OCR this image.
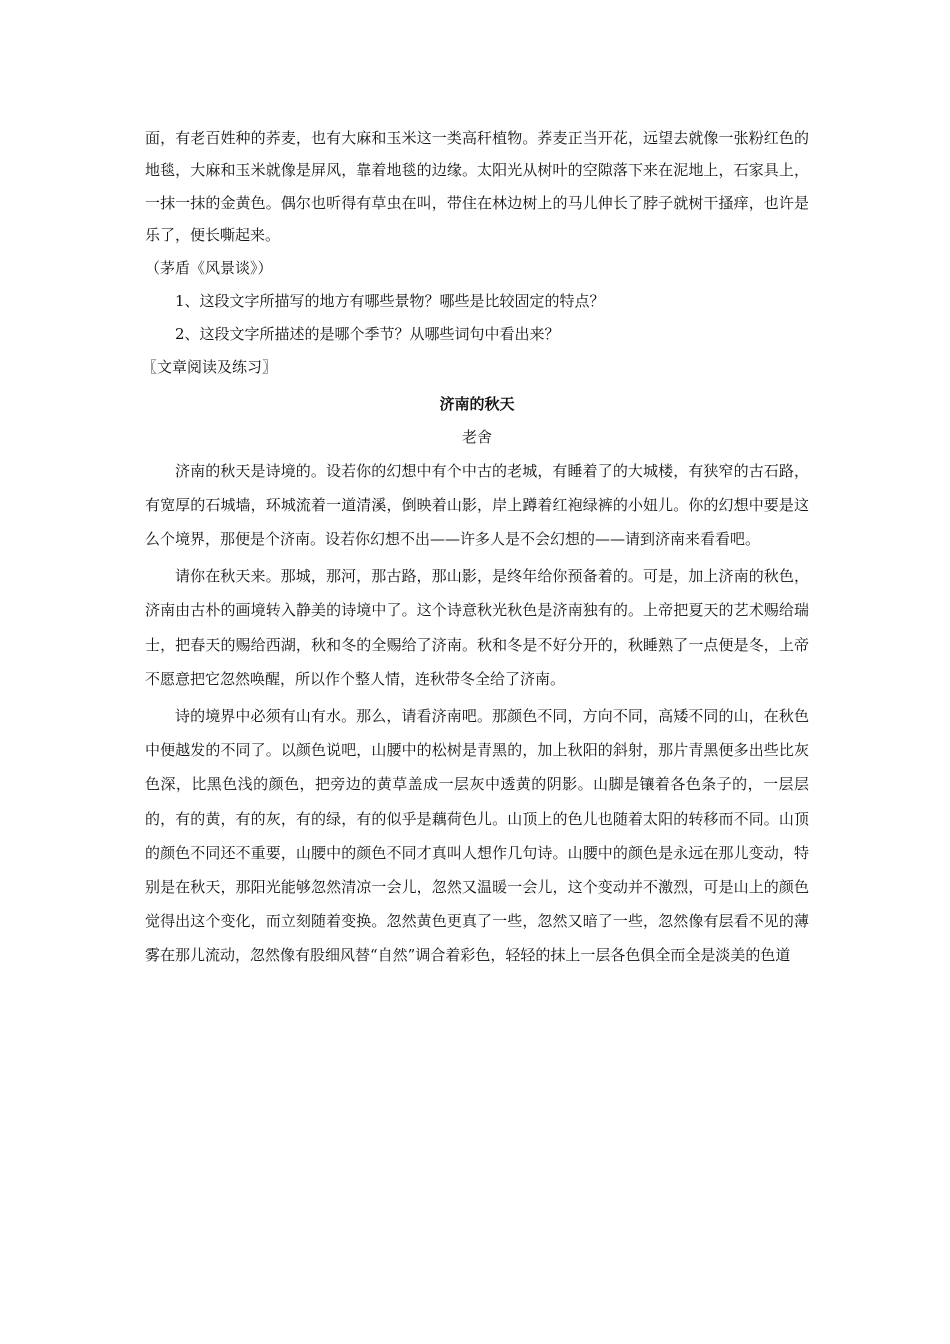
面，有老百姓种的荞麦，也有大麻和玉米这一类高秆植物。荞麦正当开花，远望去就像一张粉红色的地毯，大麻和玉米就像是屏风，靠着地毯的边缘。太阳光从树叶的空隙落下来在泥地上，石家具上，一抹一抹的金黄色。偶尔也听得有草虫在叫，带住在林边树上的马儿伸长了脖子就树干搔痒，也许是乐了，便长嘶起来。

（茅盾《风景谈》）

1、这段文字所描写的地方有哪些景物？哪些是比较固定的特点？

2、这段文字所描述的是哪个季节？从哪些词句中看出来？

〖文章阅读及练习〗

济南的秋天

老舍

济南的秋天是诗境的。设若你的幻想中有个中古的老城，有睡着了的大城楼，有狭窄的古石路，有宽厚的石城墙，环城流着一道清溪，倒映着山影，岸上蹲着红袍绿裤的小妞儿。你的幻想中要是这么个境界，那便是个济南。设若你幻想不出——许多人是不会幻想的——请到济南来看看吧。

请你在秋天来。那城，那河，那古路，那山影，是终年给你预备着的。可是，加上济南的秋色，济南由古朴的画境转入静美的诗境中了。这个诗意秋光秋色是济南独有的。上帝把夏天的艺术赐给瑞士，把春天的赐给西湖，秋和冬的全赐给了济南。秋和冬是不好分开的，秋睡熟了一点便是冬，上帝不愿意把它忽然唤醒，所以作个整人情，连秋带冬全给了济南。

诗的境界中必须有山有水。那么，请看济南吧。那颜色不同，方向不同，高矮不同的山，在秋色中便越发的不同了。以颜色说吧，山腰中的松树是青黑的，加上秋阳的斜射，那片青黑便多出些比灰色深，比黑色浅的颜色，把旁边的黄草盖成一层灰中透黄的阴影。山脚是镶着各色条子的，一层层的，有的黄，有的灰，有的绿，有的似乎是藕荷色儿。山顶上的色儿也随着太阳的转移而不同。山顶的颜色不同还不重要，山腰中的颜色不同才真叫人想作几句诗。山腰中的颜色是永远在那儿变动，特别是在秋天，那阳光能够忽然清凉一会儿，忽然又温暖一会儿，这个变动并不激烈，可是山上的颜色觉得出这个变化，而立刻随着变换。忽然黄色更真了一些，忽然又暗了一些，忽然像有层看不见的薄雾在那儿流动，忽然像有股细风替“自然”调合着彩色，轻轻的抹上一层各色俱全而全是淡美的色道
